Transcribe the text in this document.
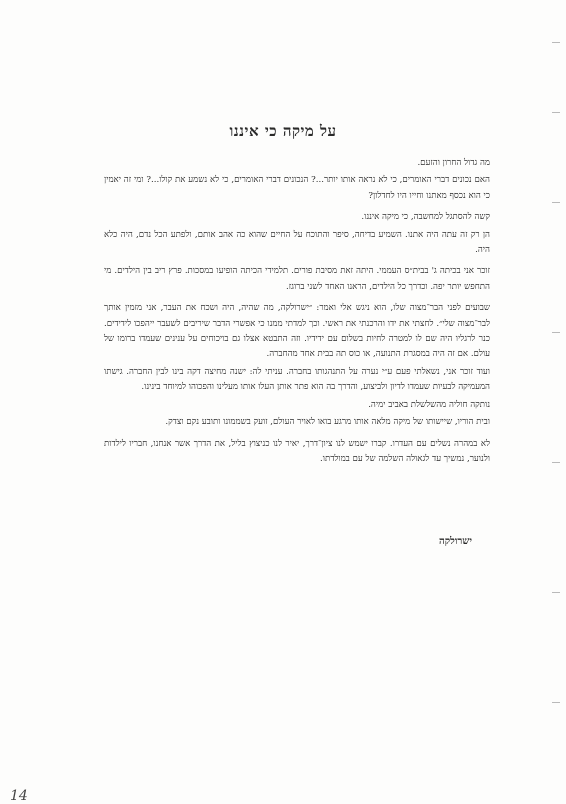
על מיקה כי איננו

מה גדול החרון והזעם.

האם נכונים דברי האומרים, כי לא נראה אותו יותר...? הנכונים דברי האומרים, כי לא נשמע את קולו...? ומי זה יאמין כי הוא נכסף מאתנו וחייו היו לחדלון?

קשה להסתגל למחשבה, כי מיקה איננו.

הן רק זה עתה היה אתנו. השמיע בדיחה, סיפר והתוכח על החיים שהוא כה אהב אותם, ולפתע הכל נדם, היה כלא היה.

זוכר אני בכיתה ג' בבית״ס העממי. היתה זאת מסיבת פורים. תלמידי הכיתה הופיעו במסכות. פרץ ריב בין הילדים. מי התחפש יותר יפה. וכדרך כל הילדים, הראנו האחד לשני ברוגז.

שבועים לפני הבר־מצוה שלו, הוא ניגש אלי ואמר: ״ישרולקה, מה שהיה, היה ושכח את העבר, אני מזמין אותך לבר־מצוה שלי״. לחצתי את ידו והרכנתי את ראשי. וכך למדתי ממנו כי אפשרי הדבר שיריבים לשעבר ייהפכו לידידים. כנר לרגליו היה שם לו למטרה לחיות בשלום עם ידידיו. וזה התבטא אצלו גם בויכוחים על ענינים שעמדו ברומו של עולם. אם זה היה במסגרת התנועה, או כוס תה בבית אחד מהחברה.

ועוד זוכר אני, נשאלתי פעם ע״י נערה על התנהגותו בחברה. עניתי לה: ישנה מחיצה דקה בינו לבין החברה. גישתו המעמיקה לבעיות שעמדו לדיון ולביצוע, והדרך בה הוא פתר אותן העלו אותו מעלינו והפכוהו למיוחד בינינו.

נותקה חוליה מהשלשלת באביב ימיה.

ובית הוריו, שיישותו של מיקה מלאה אותו מרגע בואו לאויר העולם, זועק בשממונו ותובע נקם וצדק.

לא במהרה נשלים עם העדרו. קברו ישמש לנו ציון־דרך, יאיר לנו כניצוץ בליל, את הדרך אשר אנחנו, חבריו לילדות ולנוער, נמשיך עד לגאולה השלמה של עם במולדתו.

ישרולקה
14
